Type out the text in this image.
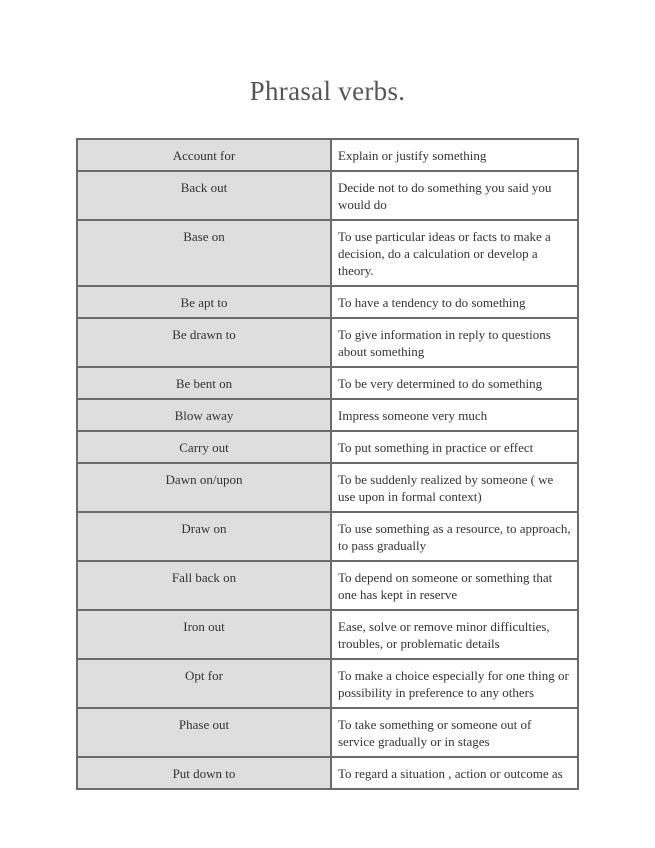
Phrasal verbs.
Account for	Explain or justify something
Back out	Decide not to do something you said you would do
Base on	To use particular ideas or facts to make a decision, do a calculation or develop a theory.
Be apt to	To have a tendency to do something
Be drawn to	To give information in reply to questions about something
Be bent on	To be very determined to do something
Blow away	Impress someone very much
Carry out	To put something in practice or effect
Dawn on/upon	To be suddenly realized by someone ( we use upon in formal context)
Draw on	To use something as a resource, to approach, to pass gradually
Fall back on	To depend on someone or something that one has kept in reserve
Iron out	Ease, solve or remove minor difficulties, troubles, or problematic details
Opt for	To make a choice especially for one thing or possibility in preference to any others
Phase out	To take something or someone out of service gradually or in stages
Put down to	To regard a situation , action or outcome as
